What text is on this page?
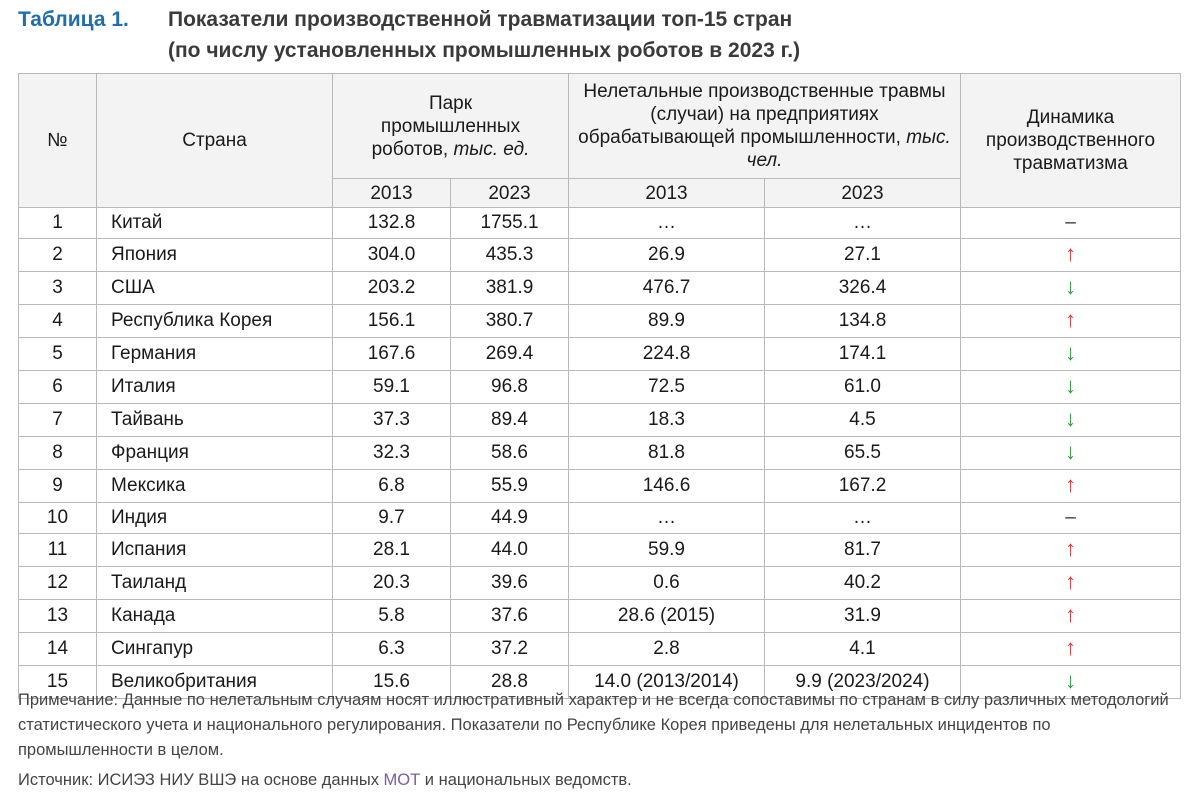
Таблица 1. Показатели производственной травматизации топ-15 стран
(по числу установленных промышленных роботов в 2023 г.)
№	Страна	Парк промышленных роботов, тыс. ед.		Нелетальные производственные травмы (случаи) на предприятиях обрабатывающей промышленности, тыс. чел.		Динамика производственного травматизма

		2013	2023	2013	2023	
1	Китай	132.8	1755.1	…	…	–
2	Япония	304.0	435.3	26.9	27.1	↑
3	США	203.2	381.9	476.7	326.4	↓
4	Республика Корея	156.1	380.7	89.9	134.8	↑
5	Германия	167.6	269.4	224.8	174.1	↓
6	Италия	59.1	96.8	72.5	61.0	↓
7	Тайвань	37.3	89.4	18.3	4.5	↓
8	Франция	32.3	58.6	81.8	65.5	↓
9	Мексика	6.8	55.9	146.6	167.2	↑
10	Индия	9.7	44.9	…	…	–
11	Испания	28.1	44.0	59.9	81.7	↑
12	Таиланд	20.3	39.6	0.6	40.2	↑
13	Канада	5.8	37.6	28.6 (2015)	31.9	↑
14	Сингапур	6.3	37.2	2.8	4.1	↑
15	Великобритания	15.6	28.8	14.0 (2013/2014)	9.9 (2023/2024)	↓
Примечание: Данные по нелетальным случаям носят иллюстративный характер и не всегда сопоставимы по странам в силу различных методологий статистического учета и национального регулирования. Показатели по Республике Корея приведены для нелетальных инцидентов по промышленности в целом.
Источник: ИСИЭЗ НИУ ВШЭ на основе данных МОТ и национальных ведомств.
